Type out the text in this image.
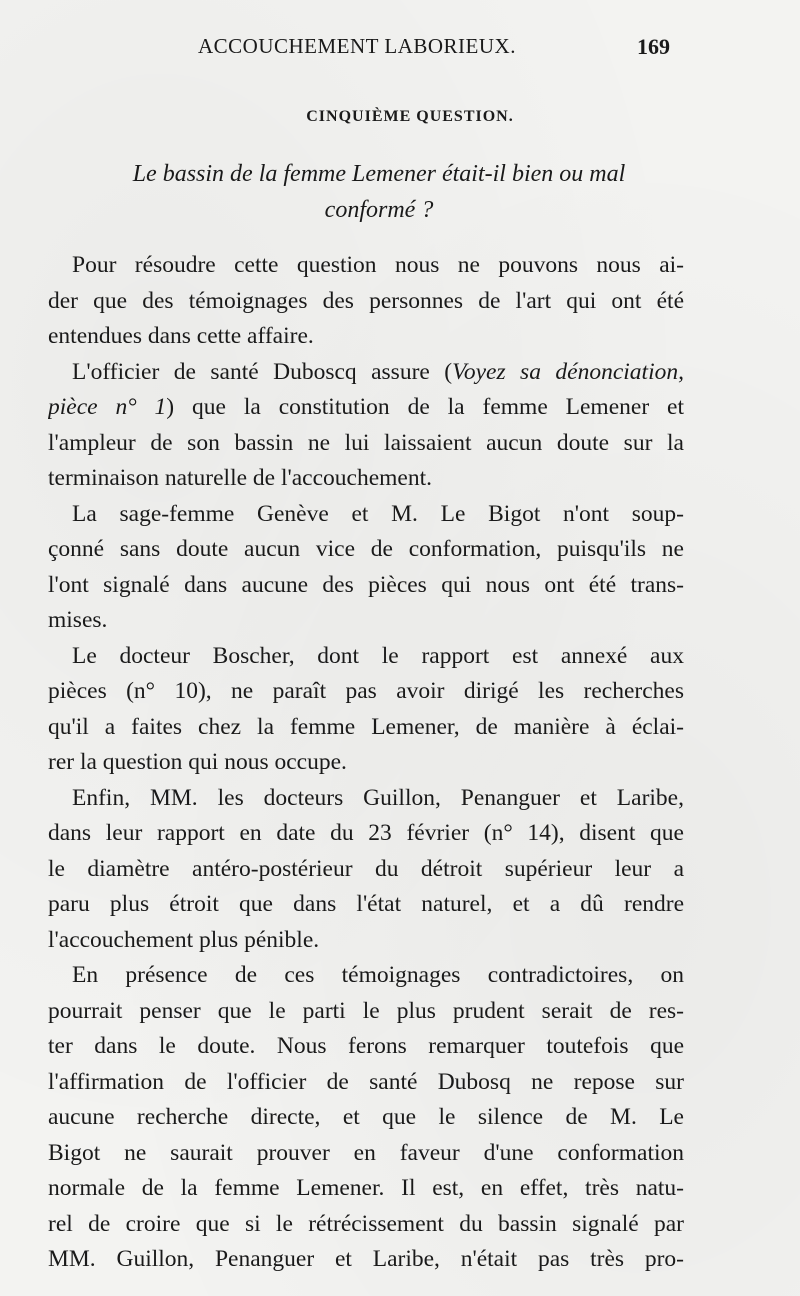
ACCOUCHEMENT LABORIEUX.	169
CINQUIÈME QUESTION.
Le bassin de la femme Lemener était-il bien ou mal
conformé ?
Pour résoudre cette question nous ne pouvons nous ai-
der que des témoignages des personnes de l'art qui ont été
entendues dans cette affaire.
L'officier de santé Duboscq assure (Voyez sa dénonciation,
pièce n° 1) que la constitution de la femme Lemener et
l'ampleur de son bassin ne lui laissaient aucun doute sur la
terminaison naturelle de l'accouchement.
La sage-femme Genève et M. Le Bigot n'ont soup-
çonné sans doute aucun vice de conformation, puisqu'ils ne
l'ont signalé dans aucune des pièces qui nous ont été trans-
mises.
Le docteur Boscher, dont le rapport est annexé aux
pièces (n° 10), ne paraît pas avoir dirigé les recherches
qu'il a faites chez la femme Lemener, de manière à éclai-
rer la question qui nous occupe.
Enfin, MM. les docteurs Guillon, Penanguer et Laribe,
dans leur rapport en date du 23 février (n° 14), disent que
le diamètre antéro-postérieur du détroit supérieur leur a
paru plus étroit que dans l'état naturel, et a dû rendre
l'accouchement plus pénible.
En présence de ces témoignages contradictoires, on
pourrait penser que le parti le plus prudent serait de res-
ter dans le doute. Nous ferons remarquer toutefois que
l'affirmation de l'officier de santé Dubosq ne repose sur
aucune recherche directe, et que le silence de M. Le
Bigot ne saurait prouver en faveur d'une conformation
normale de la femme Lemener. Il est, en effet, très natu-
rel de croire que si le rétrécissement du bassin signalé par
MM. Guillon, Penanguer et Laribe, n'était pas très pro-
